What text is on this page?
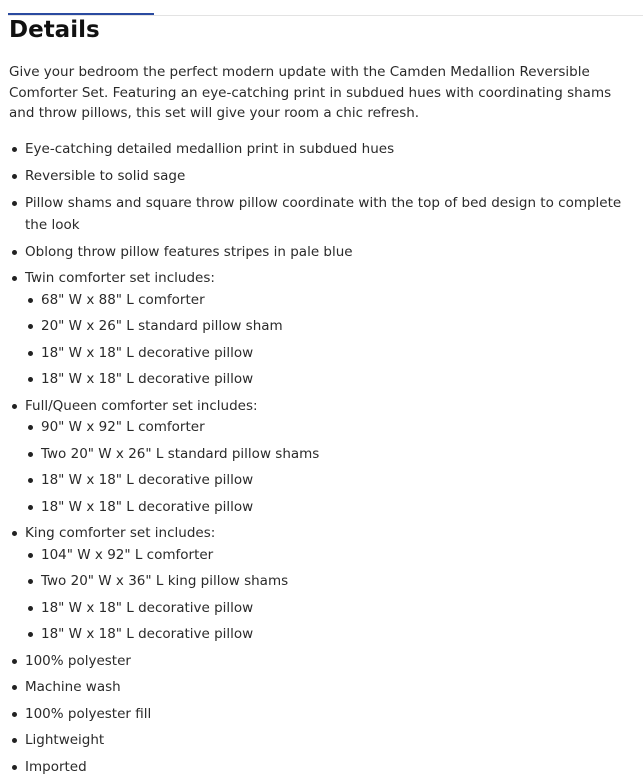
Details

Give your bedroom the perfect modern update with the Camden Medallion Reversible Comforter Set. Featuring an eye-catching print in subdued hues with coordinating shams and throw pillows, this set will give your room a chic refresh.

Eye-catching detailed medallion print in subdued hues
Reversible to solid sage
Pillow shams and square throw pillow coordinate with the top of bed design to complete the look
Oblong throw pillow features stripes in pale blue
Twin comforter set includes:
68" W x 88" L comforter
20" W x 26" L standard pillow sham
18" W x 18" L decorative pillow
18" W x 18" L decorative pillow
Full/Queen comforter set includes:
90" W x 92" L comforter
Two 20" W x 26" L standard pillow shams
18" W x 18" L decorative pillow
18" W x 18" L decorative pillow
King comforter set includes:
104" W x 92" L comforter
Two 20" W x 36" L king pillow shams
18" W x 18" L decorative pillow
18" W x 18" L decorative pillow
100% polyester
Machine wash
100% polyester fill
Lightweight
Imported
